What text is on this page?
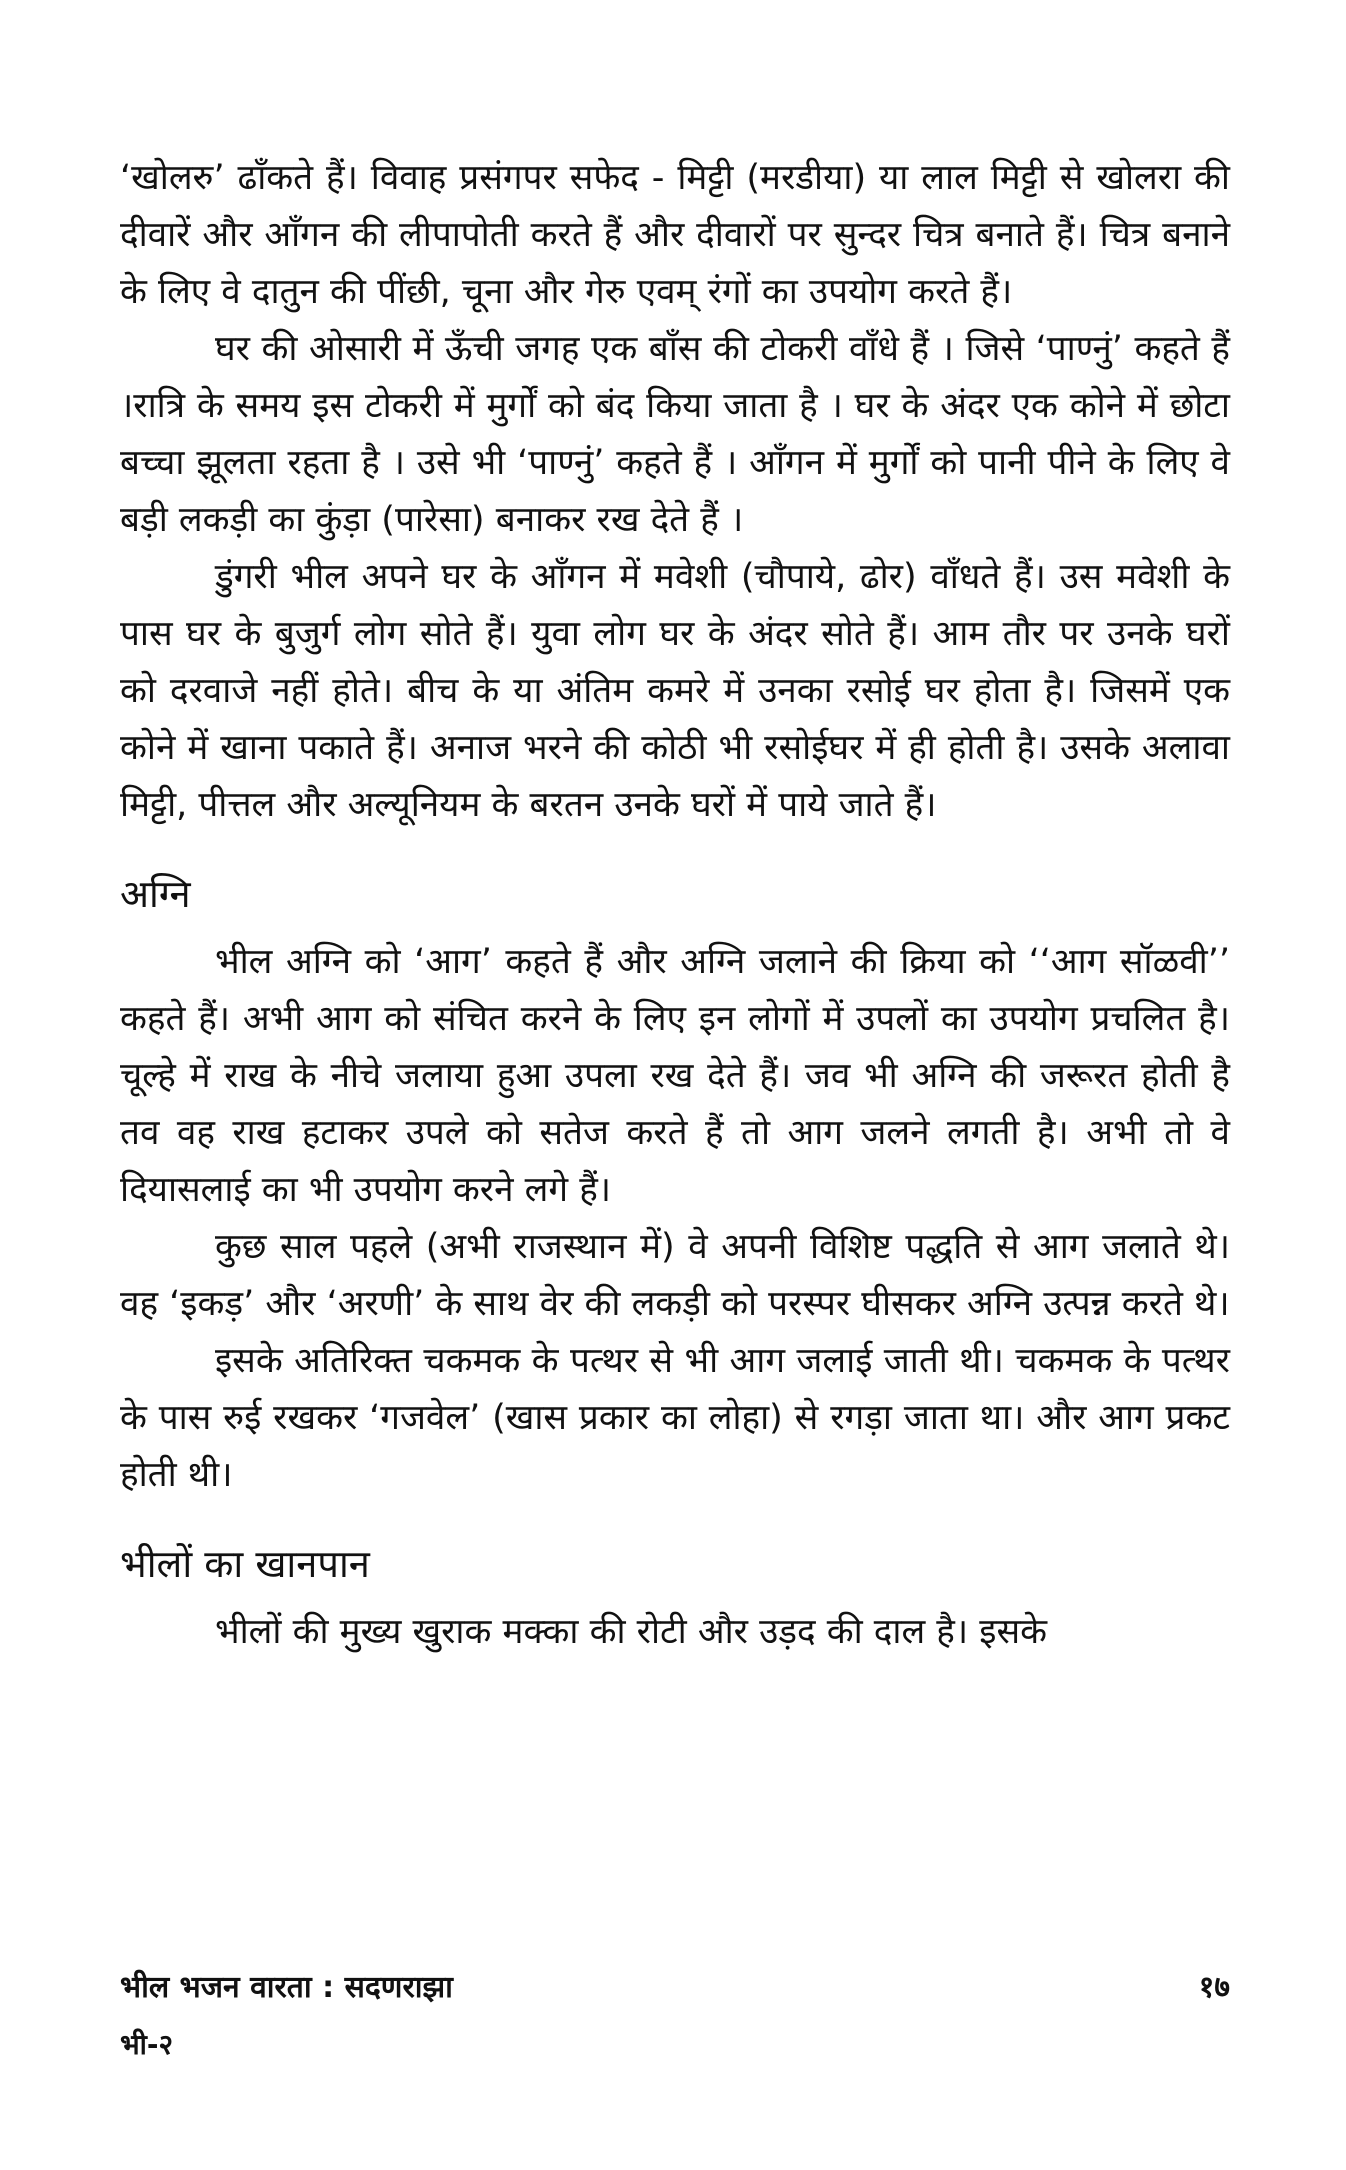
‘खोलरु’ ढाँकते हैं। विवाह प्रसंगपर सफेद - मिट्टी (मरडीया) या लाल मिट्टी से खोलरा की दीवारें और आँगन की लीपापोती करते हैं और दीवारों पर सुन्दर चित्र बनाते हैं। चित्र बनाने के लिए वे दातुन की पींछी, चूना और गेरु एवम् रंगों का उपयोग करते हैं।

घर की ओसारी में ऊँची जगह एक बाँस की टोकरी वाँधे हैं । जिसे ‘पाण्नुं’ कहते हैं ।रात्रि के समय इस टोकरी में मुर्गों को बंद किया जाता है । घर के अंदर एक कोने में छोटा बच्चा झूलता रहता है । उसे भी ‘पाण्नुं’ कहते हैं । आँगन में मुर्गों को पानी पीने के लिए वे बड़ी लकड़ी का कुंड़ा (पारेसा) बनाकर रख देते हैं ।

डुंगरी भील अपने घर के आँगन में मवेशी (चौपाये, ढोर) वाँधते हैं। उस मवेशी के पास घर के बुजुर्ग लोग सोते हैं। युवा लोग घर के अंदर सोते हैं। आम तौर पर उनके घरों को दरवाजे नहीं होते। बीच के या अंतिम कमरे में उनका रसोई घर होता है। जिसमें एक कोने में खाना पकाते हैं। अनाज भरने की कोठी भी रसोईघर में ही होती है। उसके अलावा मिट्टी, पीत्तल और अल्यूनियम के बरतन उनके घरों में पाये जाते हैं।

अग्नि

भील अग्नि को ‘आग’ कहते हैं और अग्नि जलाने की क्रिया को ‘‘आग सॉळवी’’ कहते हैं। अभी आग को संचित करने के लिए इन लोगों में उपलों का उपयोग प्रचलित है। चूल्हे में राख के नीचे जलाया हुआ उपला रख देते हैं। जव भी अग्नि की जरूरत होती है तव वह राख हटाकर उपले को सतेज करते हैं तो आग जलने लगती है। अभी तो वे दियासलाई का भी उपयोग करने लगे हैं।

कुछ साल पहले (अभी राजस्थान में) वे अपनी विशिष्ट पद्धति से आग जलाते थे। वह ‘इकड़’ और ‘अरणी’ के साथ वेर की लकड़ी को परस्पर घीसकर अग्नि उत्पन्न करते थे।

इसके अतिरिक्त चकमक के पत्थर से भी आग जलाई जाती थी। चकमक के पत्थर के पास रुई रखकर ‘गजवेल’ (खास प्रकार का लोहा) से रगड़ा जाता था। और आग प्रकट होती थी।

भीलों का खानपान

भीलों की मुख्य खुराक मक्का की रोटी और उड़द की दाल है। इसके

भील भजन वारता : सदणराझा	१७
भी-२
